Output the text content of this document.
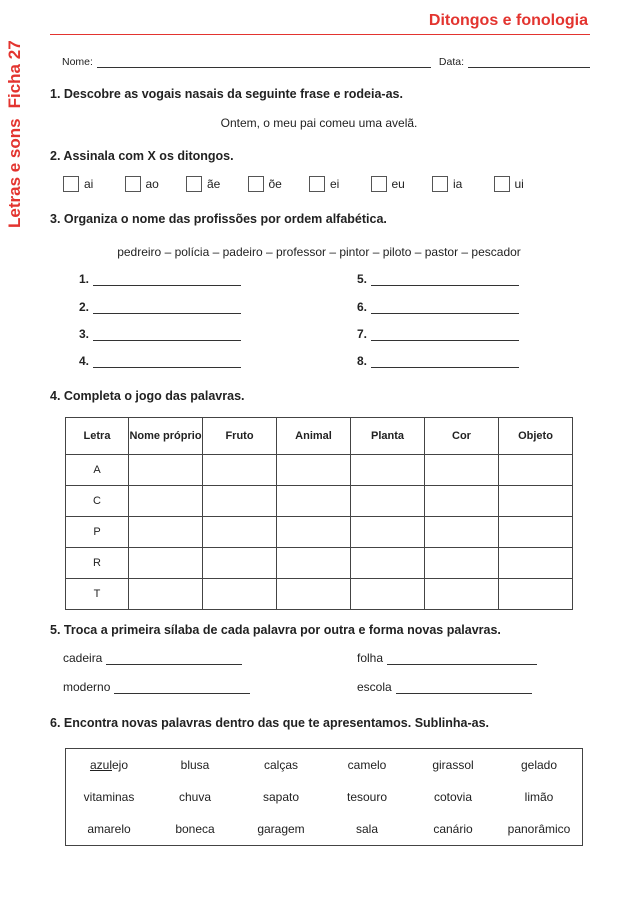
Letras e sons
Ficha 27
Ditongos e fonologia
Nome:	Data:
1. Descobre as vogais nasais da seguinte frase e rodeia-as.
Ontem, o meu pai comeu uma avelã.
2. Assinala com X os ditongos.
ai	ao	ãe	õe	ei	eu	ia	ui
3. Organiza o nome das profissões por ordem alfabética.
pedreiro – polícia – padeiro – professor – pintor – piloto – pastor – pescador
1.
2.
3.
4.
5.
6.
7.
8.
4. Completa o jogo das palavras.
Letra	Nome próprio	Fruto	Animal	Planta	Cor	Objeto
A						
C						
P						
R						
T						
5. Troca a primeira sílaba de cada palavra por outra e forma novas palavras.
cadeira	folha
moderno	escola
6. Encontra novas palavras dentro das que te apresentamos. Sublinha-as.
azulejo	blusa	calças	camelo	girassol	gelado
vitaminas	chuva	sapato	tesouro	cotovia	limão
amarelo	boneca	garagem	sala	canário	panorâmico
